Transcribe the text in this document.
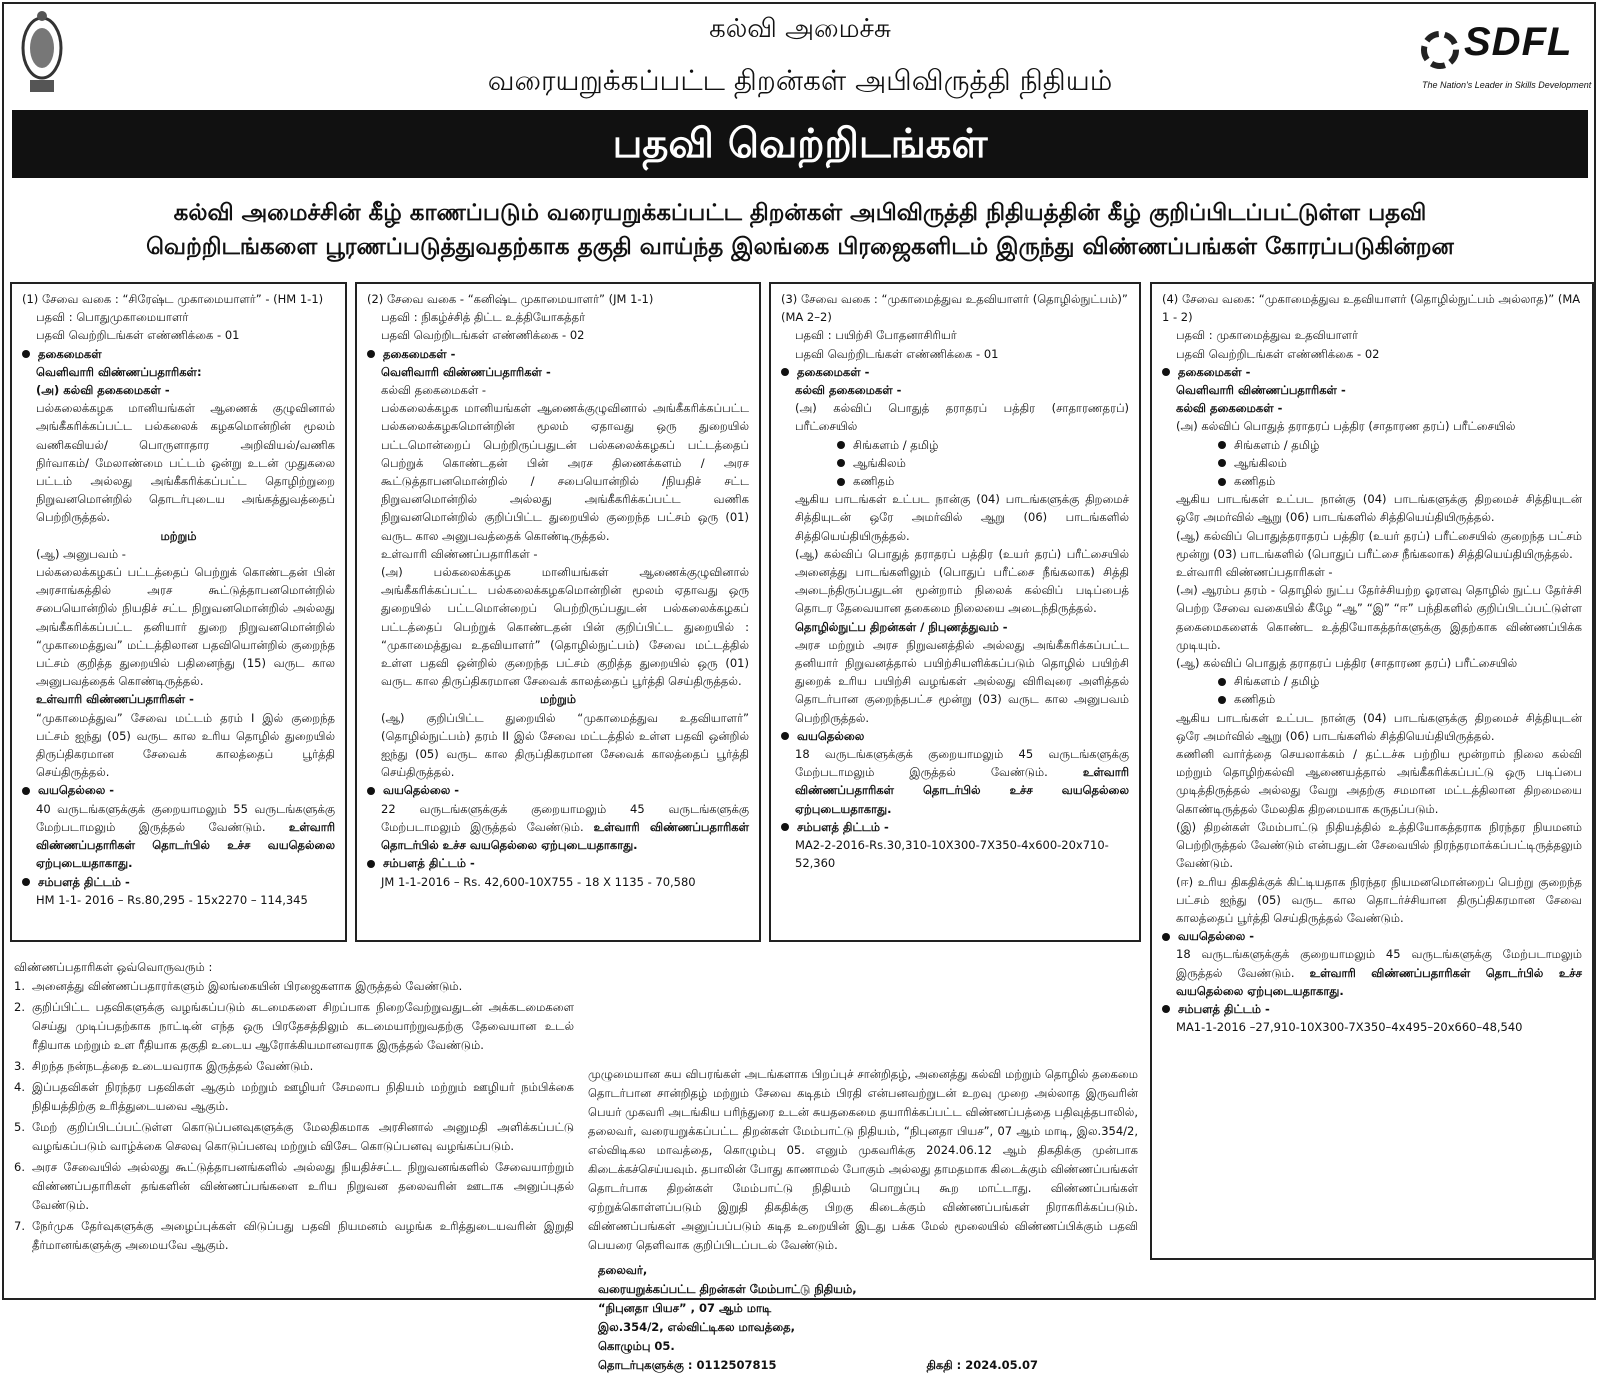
SDFL
The Nation's Leader in Skills Development
கல்வி அமைச்சு
வரையறுக்கப்பட்ட திறன்கள் அபிவிருத்தி நிதியம்
பதவி வெற்றிடங்கள்
கல்வி அமைச்சின் கீழ் காணப்படும் வரையறுக்கப்பட்ட திறன்கள் அபிவிருத்தி நிதியத்தின் கீழ் குறிப்பிடப்பட்டுள்ள பதவி
வெற்றிடங்களை பூரணப்படுத்துவதற்காக தகுதி வாய்ந்த இலங்கை பிரஜைகளிடம் இருந்து விண்ணப்பங்கள் கோரப்படுகின்றன
(1) சேவை வகை : “சிரேஷ்ட முகாமையாளர்” - (HM 1-1)
பதவி : பொதுமுகாமையாளர்
பதவி வெற்றிடங்கள் எண்ணிக்கை - 01
தகைமைகள்
வெளிவாரி விண்ணப்பதாரிகள்:
(அ) கல்வி தகைமைகள் -
பல்கலைக்கழக மானியங்கள் ஆணைக் குழுவினால் அங்கீகரிக்கப்பட்ட பல்கலைக் கழகமொன்றின் மூலம் வணிகவியல்/ பொருளாதார அறிவியல்/வணிக நிர்வாகம்/ மேலாண்மை பட்டம் ஒன்று உடன் முதுகலை பட்டம் அல்லது அங்கீகரிக்கப்பட்ட தொழிற்றுறை நிறுவனமொன்றில் தொடர்புடைய அங்கத்துவத்தைப் பெற்றிருத்தல்.
மற்றும்
(ஆ) அனுபவம் -
பல்கலைக்கழகப் பட்டத்தைப் பெற்றுக் கொண்டதன் பின் அரசாங்கத்தில் அரச கூட்டுத்தாபனமொன்றில் சபையொன்றில் நியதிச் சட்ட நிறுவனமொன்றில் அல்லது அங்கீகரிக்கப்பட்ட தனியார் துறை நிறுவனமொன்றில் “முகாமைத்துவ” மட்டத்திலான பதவியொன்றில் குறைந்த பட்சம் குறித்த துறையில் பதினைந்து (15) வருட கால அனுபவத்தைக் கொண்டிருத்தல்.
உள்வாரி விண்ணப்பதாரிகள் -
“முகாமைத்துவ” சேவை மட்டம் தரம் I இல் குறைந்த பட்சம் ஐந்து (05) வருட கால உரிய தொழில் துறையில் திருப்திகரமான சேவைக் காலத்தைப் பூர்த்தி செய்திருத்தல்.
வயதெல்லை -
40 வருடங்களுக்குக் குறையாமலும் 55 வருடங்களுக்கு மேற்படாமலும் இருத்தல் வேண்டும். உள்வாரி விண்ணப்பதாரிகள் தொடர்பில் உச்ச வயதெல்லை ஏற்புடையதாகாது.
சம்பளத் திட்டம் -
HM 1-1- 2016 – Rs.80,295 - 15x2270 – 114,345
(2) சேவை வகை - “கனிஷ்ட முகாமையாளர்” (JM 1-1)
பதவி : நிகழ்ச்சித் திட்ட உத்தியோகத்தர்
பதவி வெற்றிடங்கள் எண்ணிக்கை - 02
தகைமைகள் -
வெளிவாரி விண்ணப்பதாரிகள் -
கல்வி தகைமைகள் -
பல்கலைக்கழக மானியங்கள் ஆணைக்குழுவினால் அங்கீகரிக்கப்பட்ட பல்கலைக்கழகமொன்றின் மூலம் ஏதாவது ஒரு துறையில் பட்டமொன்றைப் பெற்றிருப்பதுடன் பல்கலைக்கழகப் பட்டத்தைப் பெற்றுக் கொண்டதன் பின் அரச திணைக்களம் / அரச கூட்டுத்தாபனமொன்றில் / சபையொன்றில் /நியதிச் சட்ட நிறுவனமொன்றில் அல்லது அங்கீகரிக்கப்பட்ட வணிக நிறுவனமொன்றில் குறிப்பிட்ட துறையில் குறைந்த பட்சம் ஒரு (01) வருட கால அனுபவத்தைக் கொண்டிருத்தல்.
உள்வாரி விண்ணப்பதாரிகள் -
(அ) பல்கலைக்கழக மானியங்கள் ஆணைக்குழுவினால் அங்கீகரிக்கப்பட்ட பல்கலைக்கழகமொன்றின் மூலம் ஏதாவது ஒரு துறையில் பட்டமொன்றைப் பெற்றிருப்பதுடன் பல்கலைக்கழகப் பட்டத்தைப் பெற்றுக் கொண்டதன் பின் குறிப்பிட்ட துறையில் : “முகாமைத்துவ உதவியாளர்” (தொழில்நுட்பம்) சேவை மட்டத்தில் உள்ள பதவி ஒன்றில் குறைந்த பட்சம் குறித்த துறையில் ஒரு (01) வருட கால திருப்திகரமான சேவைக் காலத்தைப் பூர்த்தி செய்திருத்தல்.
மற்றும்
(ஆ) குறிப்பிட்ட துறையில் “முகாமைத்துவ உதவியாளர்” (தொழில்நுட்பம்) தரம் II இல் சேவை மட்டத்தில் உள்ள பதவி ஒன்றில் ஐந்து (05) வருட கால திருப்திகரமான சேவைக் காலத்தைப் பூர்த்தி செய்திருத்தல்.
வயதெல்லை -
22 வருடங்களுக்குக் குறையாமலும் 45 வருடங்களுக்கு மேற்படாமலும் இருத்தல் வேண்டும். உள்வாரி விண்ணப்பதாரிகள் தொடர்பில் உச்ச வயதெல்லை ஏற்புடையதாகாது.
சம்பளத் திட்டம் -
JM 1-1-2016 – Rs. 42,600-10X755 - 18 X 1135 - 70,580
(3) சேவை வகை : “முகாமைத்துவ உதவியாளர் (தொழில்நுட்பம்)” (MA 2–2)
பதவி : பயிற்சி போதனாசிரியர்
பதவி வெற்றிடங்கள் எண்ணிக்கை - 01
தகைமைகள் -
கல்வி தகைமைகள் -
(அ) கல்விப் பொதுத் தராதரப் பத்திர (சாதாரணதரப்) பரீட்சையில்
சிங்களம் / தமிழ்
ஆங்கிலம்
கணிதம்
ஆகிய பாடங்கள் உட்பட நான்கு (04) பாடங்களுக்கு திறமைச் சித்தியுடன் ஒரே அமர்வில் ஆறு (06) பாடங்களில் சித்தியெய்தியிருத்தல்.
(ஆ) கல்விப் பொதுத் தராதரப் பத்திர (உயர் தரப்) பரீட்சையில் அனைத்து பாடங்களிலும் (பொதுப் பரீட்சை நீங்கலாக) சித்தி அடைந்திருப்பதுடன் மூன்றாம் நிலைக் கல்விப் படிப்பைத் தொடர தேவையான தகைமை நிலையை அடைந்திருத்தல்.
தொழில்நுட்ப திறன்கள் / நிபுணத்துவம் -
அரச மற்றும் அரச நிறுவனத்தில் அல்லது அங்கீகரிக்கப்பட்ட தனியார் நிறுவனத்தால் பயிற்சியளிக்கப்படும் தொழில் பயிற்சி துறைக் உரிய பயிற்சி வழங்கள் அல்லது விரிவுரை அளித்தல் தொடர்பான குறைந்தபட்ச மூன்று (03) வருட கால அனுபவம் பெற்றிருத்தல்.
வயதெல்லை
18 வருடங்களுக்குக் குறையாமலும் 45 வருடங்களுக்கு மேற்படாமலும் இருத்தல் வேண்டும். உள்வாரி விண்ணப்பதாரிகள் தொடர்பில் உச்ச வயதெல்லை ஏற்புடையதாகாது.
சம்பளத் திட்டம் -
MA2-2-2016-Rs.30,310-10X300-7X350-4x600-20x710-52,360
(4) சேவை வகை: “முகாமைத்துவ உதவியாளர் (தொழில்நுட்பம் அல்லாத)” (MA 1 - 2)
பதவி : முகாமைத்துவ உதவியாளர்
பதவி வெற்றிடங்கள் எண்ணிக்கை - 02
தகைமைகள் -
வெளிவாரி விண்ணப்பதாரிகள் -
கல்வி தகைமைகள் -
(அ) கல்விப் பொதுத் தராதரப் பத்திர (சாதாரண தரப்) பரீட்சையில்
சிங்களம் / தமிழ்
ஆங்கிலம்
கணிதம்
ஆகிய பாடங்கள் உட்பட நான்கு (04) பாடங்களுக்கு திறமைச் சித்தியுடன் ஒரே அமர்வில் ஆறு (06) பாடங்களில் சித்தியெய்தியிருத்தல்.
(ஆ) கல்விப் பொதுத்தராதரப் பத்திர (உயர் தரப்) பரீட்சையில் குறைந்த பட்சம் மூன்று (03) பாடங்களில் (பொதுப் பரீட்சை நீங்கலாக) சித்தியெய்தியிருத்தல்.
உள்வாரி விண்ணப்பதாரிகள் -
(அ) ஆரம்ப தரம் - தொழில் நுட்ப தேர்ச்சியற்ற ஓரளவு தொழில் நுட்ப தேர்ச்சி பெற்ற சேவை வகையில் கீழே “ஆ” “இ” “ஈ” பந்திகளில் குறிப்பிடப்பட்டுள்ள தகைமைகளைக் கொண்ட உத்தியோகத்தர்களுக்கு இதற்காக விண்ணப்பிக்க முடியும்.
(ஆ) கல்விப் பொதுத் தராதரப் பத்திர (சாதாரண தரப்) பரீட்சையில்
சிங்களம் / தமிழ்
கணிதம்
ஆகிய பாடங்கள் உட்பட நான்கு (04) பாடங்களுக்கு திறமைச் சித்தியுடன் ஒரே அமர்வில் ஆறு (06) பாடங்களில் சித்தியெய்தியிருத்தல்.
கணினி வார்த்தை செயலாக்கம் / தட்டச்சு பற்றிய மூன்றாம் நிலை கல்வி மற்றும் தொழிற்கல்வி ஆணையத்தால் அங்கீகரிக்கப்பட்டு ஒரு படிப்பை முடித்திருத்தல் அல்லது வேறு அதற்கு சமமான மட்டத்திலான திறமையை கொண்டிருத்தல் மேலதிக திறமையாக கருதப்படும்.
(இ) திறன்கள் மேம்பாட்டு நிதியத்தில் உத்தியோகத்தராக நிரந்தர நியமனம் பெற்றிருத்தல் வேண்டும் என்பதுடன் சேவையில் நிரந்தரமாக்கப்பட்டிருத்தலும் வேண்டும்.
(ஈ) உரிய திகதிக்குக் கிட்டியதாக நிரந்தர நியமனமொன்றைப் பெற்று குறைந்த பட்சம் ஐந்து (05) வருட கால தொடர்ச்சியான திருப்திகரமான சேவை காலத்தைப் பூர்த்தி செய்திருத்தல் வேண்டும்.
வயதெல்லை -
18 வருடங்களுக்குக் குறையாமலும் 45 வருடங்களுக்கு மேற்படாமலும் இருத்தல் வேண்டும். உள்வாரி விண்ணப்பதாரிகள் தொடர்பில் உச்ச வயதெல்லை ஏற்புடையதாகாது.
சம்பளத் திட்டம் -
MA1-1-2016 –27,910-10X300-7X350–4x495–20x660–48,540
விண்ணப்பதாரிகள் ஒவ்வொருவரும் :
1. அனைத்து விண்ணப்பதாரர்களும் இலங்கையின் பிரஜைகளாக இருத்தல் வேண்டும்.
2. குறிப்பிட்ட பதவிகளுக்கு வழங்கப்படும் கடமைகளை சிறப்பாக நிறைவேற்றுவதுடன் அக்கடமைகளை செய்து முடிப்பதற்காக நாட்டின் எந்த ஒரு பிரதேசத்திலும் கடமையாற்றுவதற்கு தேவையான உடல் ரீதியாக மற்றும் உள ரீதியாக தகுதி உடைய ஆரோக்கியமானவராக இருத்தல் வேண்டும்.
3. சிறந்த நன்நடத்தை உடையவராக இருத்தல் வேண்டும்.
4. இப்பதவிகள் நிரந்தர பதவிகள் ஆகும் மற்றும் ஊழியர் சேமலாப நிதியம் மற்றும் ஊழியர் நம்பிக்கை நிதியத்திற்கு உரித்துடையவை ஆகும்.
5. மேற் குறிப்பிடப்பட்டுள்ள கொடுப்பனவுகளுக்கு மேலதிகமாக அரசினால் அனுமதி அளிக்கப்பட்டு வழங்கப்படும் வாழ்க்கை செலவு கொடுப்பனவு மற்றும் விசேட கொடுப்பனவு வழங்கப்படும்.
6. அரச சேவையில் அல்லது கூட்டுத்தாபனங்களில் அல்லது நியதிச்சட்ட நிறுவனங்களில் சேவையாற்றும் விண்ணப்பதாரிகள் தங்களின் விண்ணப்பங்களை உரிய நிறுவன தலைவரின் ஊடாக அனுப்புதல் வேண்டும்.
7. நேர்முக தேர்வுகளுக்கு அழைப்புக்கள் விடுப்பது பதவி நியமனம் வழங்க உரித்துடையவரின் இறுதி தீர்மானங்களுக்கு அமையவே ஆகும்.
முழுமையான சுய விபரங்கள் அடங்களாக பிறப்புச் சான்றிதழ், அனைத்து கல்வி மற்றும் தொழில் தகைமை தொடர்பான சான்றிதழ் மற்றும் சேவை கடிதம் பிரதி என்பனவற்றுடன் உறவு முறை அல்லாத இருவரின் பெயர் முகவரி அடங்கிய பரிந்துரை உடன் சுயதகைமை தயாரிக்கப்பட்ட விண்ணப்பத்தை பதிவுத்தபாலில், தலைவர், வரையறுக்கப்பட்ட திறன்கள் மேம்பாட்டு நிதியம், “நிபுனதா பியச”, 07 ஆம் மாடி, இல.354/2, எல்விடிகல மாவத்தை, கொழும்பு 05. எனும் முகவரிக்கு 2024.06.12 ஆம் திகதிக்கு முன்பாக கிடைக்கச்செய்யவும். தபாலின் போது காணாமல் போகும் அல்லது தாமதமாக கிடைக்கும் விண்ணப்பங்கள் தொடர்பாக திறன்கள் மேம்பாட்டு நிதியம் பொறுப்பு கூற மாட்டாது. விண்ணப்பங்கள் ஏற்றுக்கொள்ளப்படும் இறுதி திகதிக்கு பிறகு கிடைக்கும் விண்ணப்பங்கள் நிராகரிக்கப்படும். விண்ணப்பங்கள் அனுப்பப்படும் கடித உறையின் இடது பக்க மேல் மூலையில் விண்ணப்பிக்கும் பதவி பெயரை தெளிவாக குறிப்பிடப்படல் வேண்டும்.
தலைவர்,
வரையறுக்கப்பட்ட திறன்கள் மேம்பாட்டு நிதியம்,
“நிபுனதா பியச” , 07 ஆம் மாடி
இல.354/2, எல்விட்டிகல மாவத்தை,
கொழும்பு 05.
தொடர்புகளுக்கு : 0112507815	திகதி : 2024.05.07
